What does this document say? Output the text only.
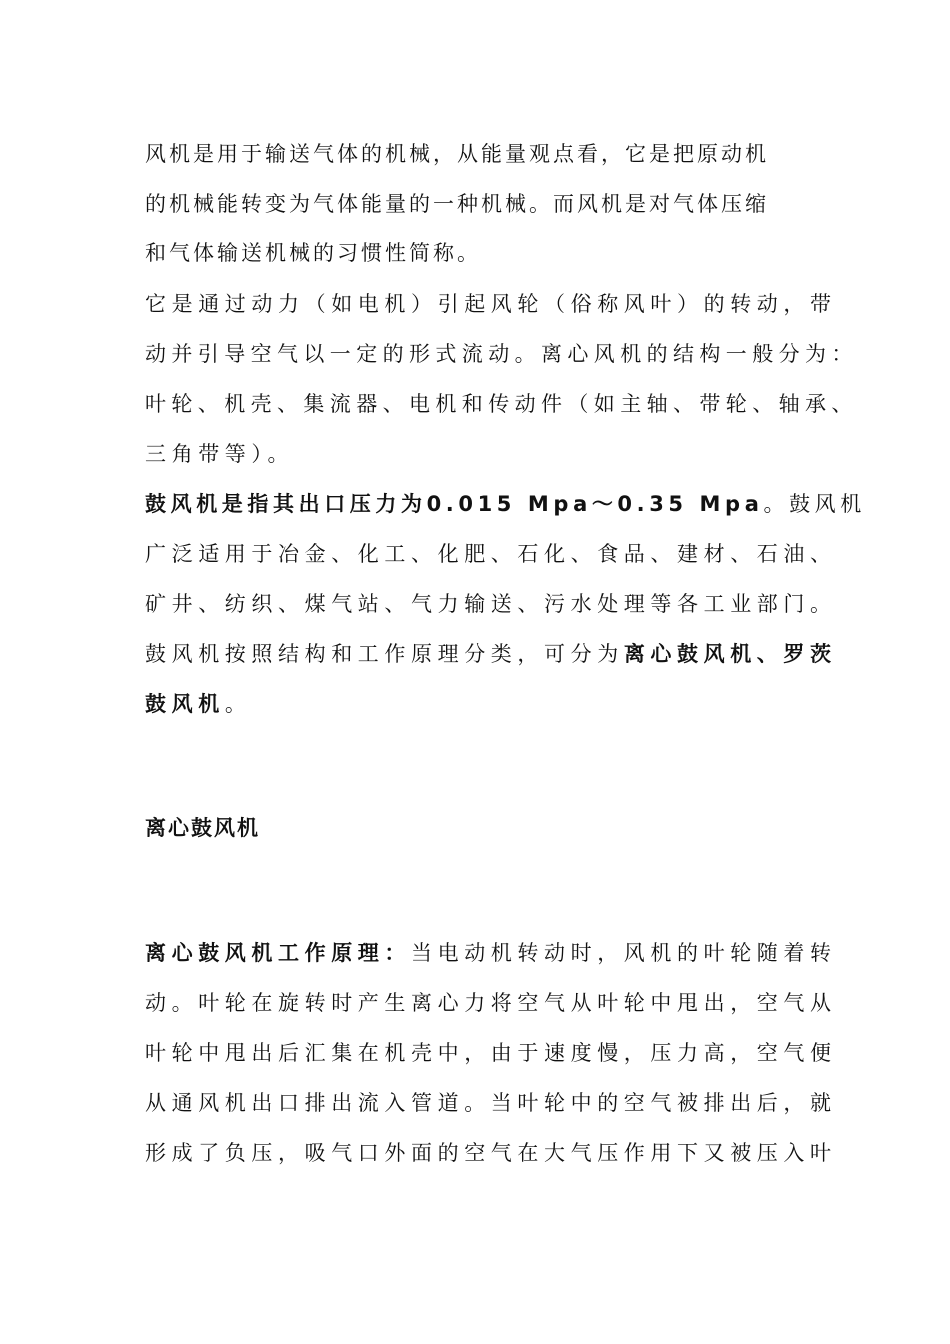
风机是用于输送气体的机械，从能量观点看，它是把原动机
的机械能转变为气体能量的一种机械。而风机是对气体压缩
和气体输送机械的习惯性简称。
它是通过动力（如电机）引起风轮（俗称风叶）的转动，带
动并引导空气以一定的形式流动。离心风机的结构一般分为：
叶轮、机壳、集流器、电机和传动件（如主轴、带轮、轴承、
三角带等）。
鼓风机是指其出口压力为0.015 Mpa～0.35 Mpa。鼓风机
广泛适用于冶金、化工、化肥、石化、食品、建材、石油、
矿井、纺织、煤气站、气力输送、污水处理等各工业部门。
鼓风机按照结构和工作原理分类，可分为离心鼓风机、罗茨
鼓风机。
离心鼓风机
离心鼓风机工作原理：当电动机转动时，风机的叶轮随着转
动。叶轮在旋转时产生离心力将空气从叶轮中甩出，空气从
叶轮中甩出后汇集在机壳中，由于速度慢，压力高，空气便
从通风机出口排出流入管道。当叶轮中的空气被排出后，就
形成了负压，吸气口外面的空气在大气压作用下又被压入叶
